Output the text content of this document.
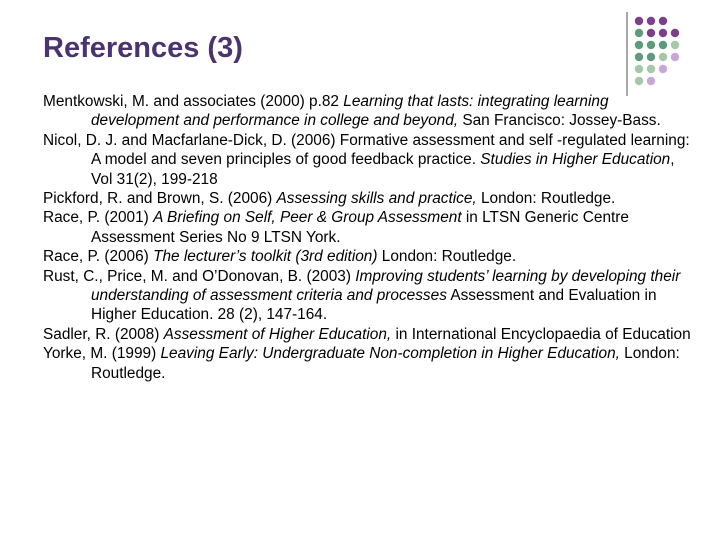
References (3)

Mentkowski, M. and associates (2000) p.82 Learning that lasts: integrating learning development and performance in college and beyond, San Francisco: Jossey-Bass.

Nicol, D. J. and Macfarlane-Dick, D. (2006) Formative assessment and self -regulated learning: A model and seven principles of good feedback practice. Studies in Higher Education, Vol 31(2), 199-218

Pickford, R. and Brown, S. (2006) Assessing skills and practice, London: Routledge.

Race, P. (2001) A Briefing on Self, Peer & Group Assessment in LTSN Generic Centre Assessment Series No 9 LTSN York.

Race, P. (2006) The lecturer’s toolkit (3rd edition) London: Routledge.

Rust, C., Price, M. and O’Donovan, B. (2003) Improving students’ learning by developing their understanding of assessment criteria and processes Assessment and Evaluation in Higher Education. 28 (2), 147-164.

Sadler, R. (2008) Assessment of Higher Education, in International Encyclopaedia of Education

Yorke, M. (1999) Leaving Early: Undergraduate Non-completion in Higher Education, London: Routledge.
